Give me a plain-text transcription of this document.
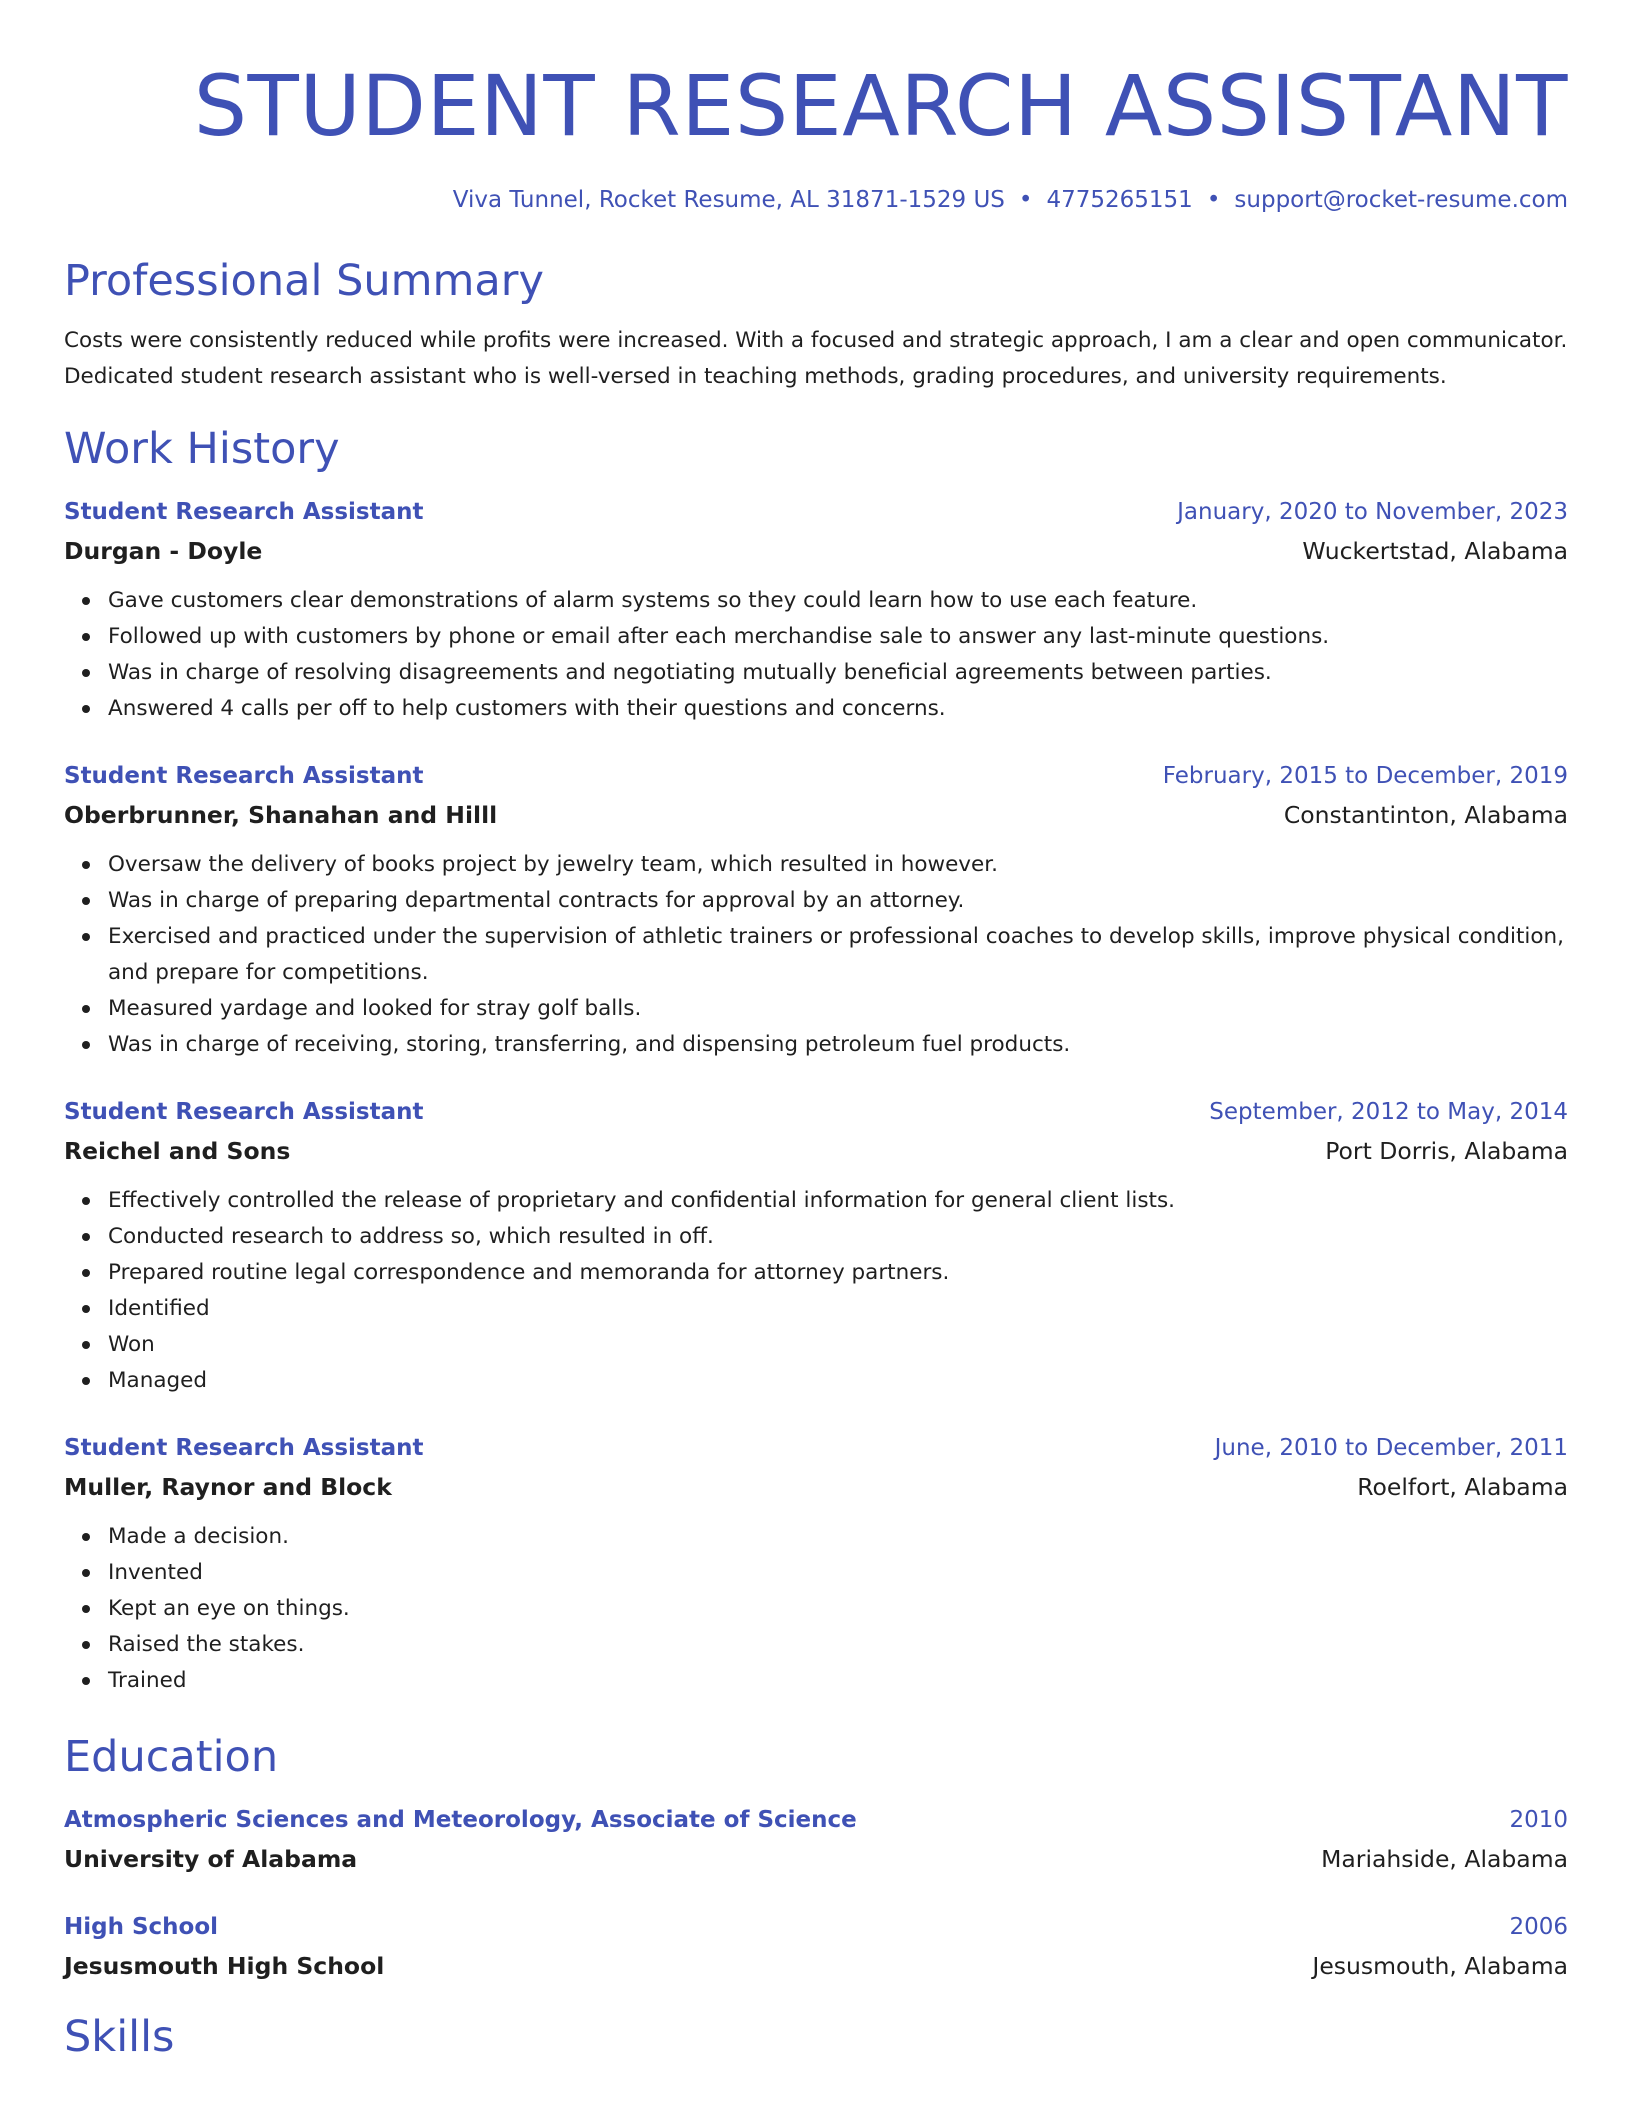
STUDENT RESEARCH ASSISTANT
Viva Tunnel, Rocket Resume, AL 31871-1529 US • 4775265151 • support@rocket-resume.com
Professional Summary
Costs were consistently reduced while profits were increased. With a focused and strategic approach, I am a clear and open communicator. Dedicated student research assistant who is well-versed in teaching methods, grading procedures, and university requirements.
Work History
Student Research Assistant	January, 2020 to November, 2023
Durgan - Doyle	Wuckertstad, Alabama
Gave customers clear demonstrations of alarm systems so they could learn how to use each feature.
Followed up with customers by phone or email after each merchandise sale to answer any last-minute questions.
Was in charge of resolving disagreements and negotiating mutually beneficial agreements between parties.
Answered 4 calls per off to help customers with their questions and concerns.
Student Research Assistant	February, 2015 to December, 2019
Oberbrunner, Shanahan and Hilll	Constantinton, Alabama
Oversaw the delivery of books project by jewelry team, which resulted in however.
Was in charge of preparing departmental contracts for approval by an attorney.
Exercised and practiced under the supervision of athletic trainers or professional coaches to develop skills, improve physical condition, and prepare for competitions.
Measured yardage and looked for stray golf balls.
Was in charge of receiving, storing, transferring, and dispensing petroleum fuel products.
Student Research Assistant	September, 2012 to May, 2014
Reichel and Sons	Port Dorris, Alabama
Effectively controlled the release of proprietary and confidential information for general client lists.
Conducted research to address so, which resulted in off.
Prepared routine legal correspondence and memoranda for attorney partners.
Identified
Won
Managed
Student Research Assistant	June, 2010 to December, 2011
Muller, Raynor and Block	Roelfort, Alabama
Made a decision.
Invented
Kept an eye on things.
Raised the stakes.
Trained
Education
Atmospheric Sciences and Meteorology, Associate of Science	2010
University of Alabama	Mariahside, Alabama
High School	2006
Jesusmouth High School	Jesusmouth, Alabama
Skills
